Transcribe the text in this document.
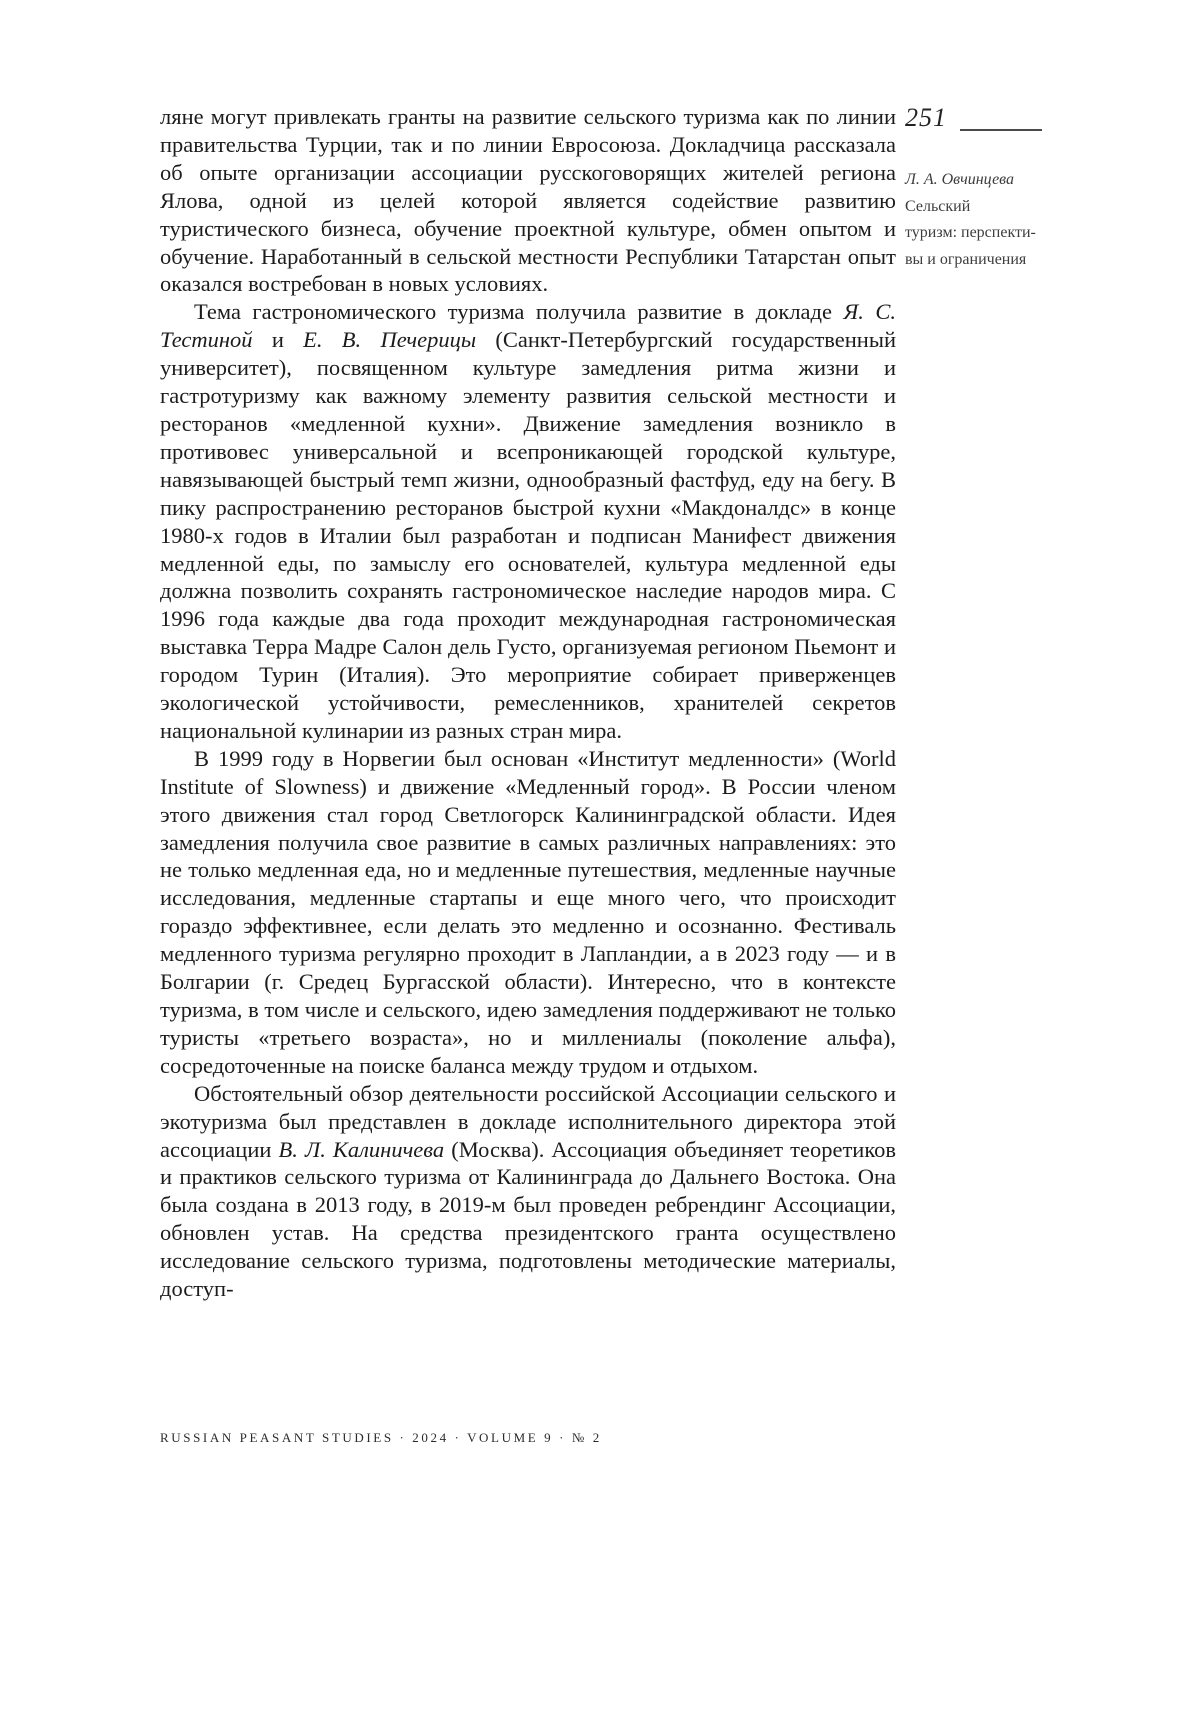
251
Л. А. Овчинцева
Сельский
туризм: перспекти-
вы и ограничения

ляне могут привлекать гранты на развитие сельского туризма как по линии правительства Турции, так и по линии Евросоюза. Докладчица рассказала об опыте организации ассоциации русскоговорящих жителей региона Ялова, одной из целей которой является содействие развитию туристического бизнеса, обучение проектной культуре, обмен опытом и обучение. Наработанный в сельской местности Республики Татарстан опыт оказался востребован в новых условиях.

Тема гастрономического туризма получила развитие в докладе Я. С. Тестиной и Е. В. Печерицы (Санкт-Петербургский государственный университет), посвященном культуре замедления ритма жизни и гастротуризму как важному элементу развития сельской местности и ресторанов «медленной кухни». Движение замедления возникло в противовес универсальной и всепроникающей городской культуре, навязывающей быстрый темп жизни, однообразный фастфуд, еду на бегу. В пику распространению ресторанов быстрой кухни «Макдоналдс» в конце 1980-х годов в Италии был разработан и подписан Манифест движения медленной еды, по замыслу его основателей, культура медленной еды должна позволить сохранять гастрономическое наследие народов мира. С 1996 года каждые два года проходит международная гастрономическая выставка Терра Мадре Салон дель Густо, организуемая регионом Пьемонт и городом Турин (Италия). Это мероприятие собирает приверженцев экологической устойчивости, ремесленников, хранителей секретов национальной кулинарии из разных стран мира.

В 1999 году в Норвегии был основан «Институт медленности» (World Institute of Slowness) и движение «Медленный город». В России членом этого движения стал город Светлогорск Калининградской области. Идея замедления получила свое развитие в самых различных направлениях: это не только медленная еда, но и медленные путешествия, медленные научные исследования, медленные стартапы и еще много чего, что происходит гораздо эффективнее, если делать это медленно и осознанно. Фестиваль медленного туризма регулярно проходит в Лапландии, а в 2023 году — и в Болгарии (г. Средец Бургасской области). Интересно, что в контексте туризма, в том числе и сельского, идею замедления поддерживают не только туристы «третьего возраста», но и миллениалы (поколение альфа), сосредоточенные на поиске баланса между трудом и отдыхом.

Обстоятельный обзор деятельности российской Ассоциации сельского и экотуризма был представлен в докладе исполнительного директора этой ассоциации В. Л. Калиничева (Москва). Ассоциация объединяет теоретиков и практиков сельского туризма от Калининграда до Дальнего Востока. Она была создана в 2013 году, в 2019-м был проведен ребрендинг Ассоциации, обновлен устав. На средства президентского гранта осуществлено исследование сельского туризма, подготовлены методические материалы, доступ-

RUSSIAN PEASANT STUDIES · 2024 · VOLUME 9 · № 2
